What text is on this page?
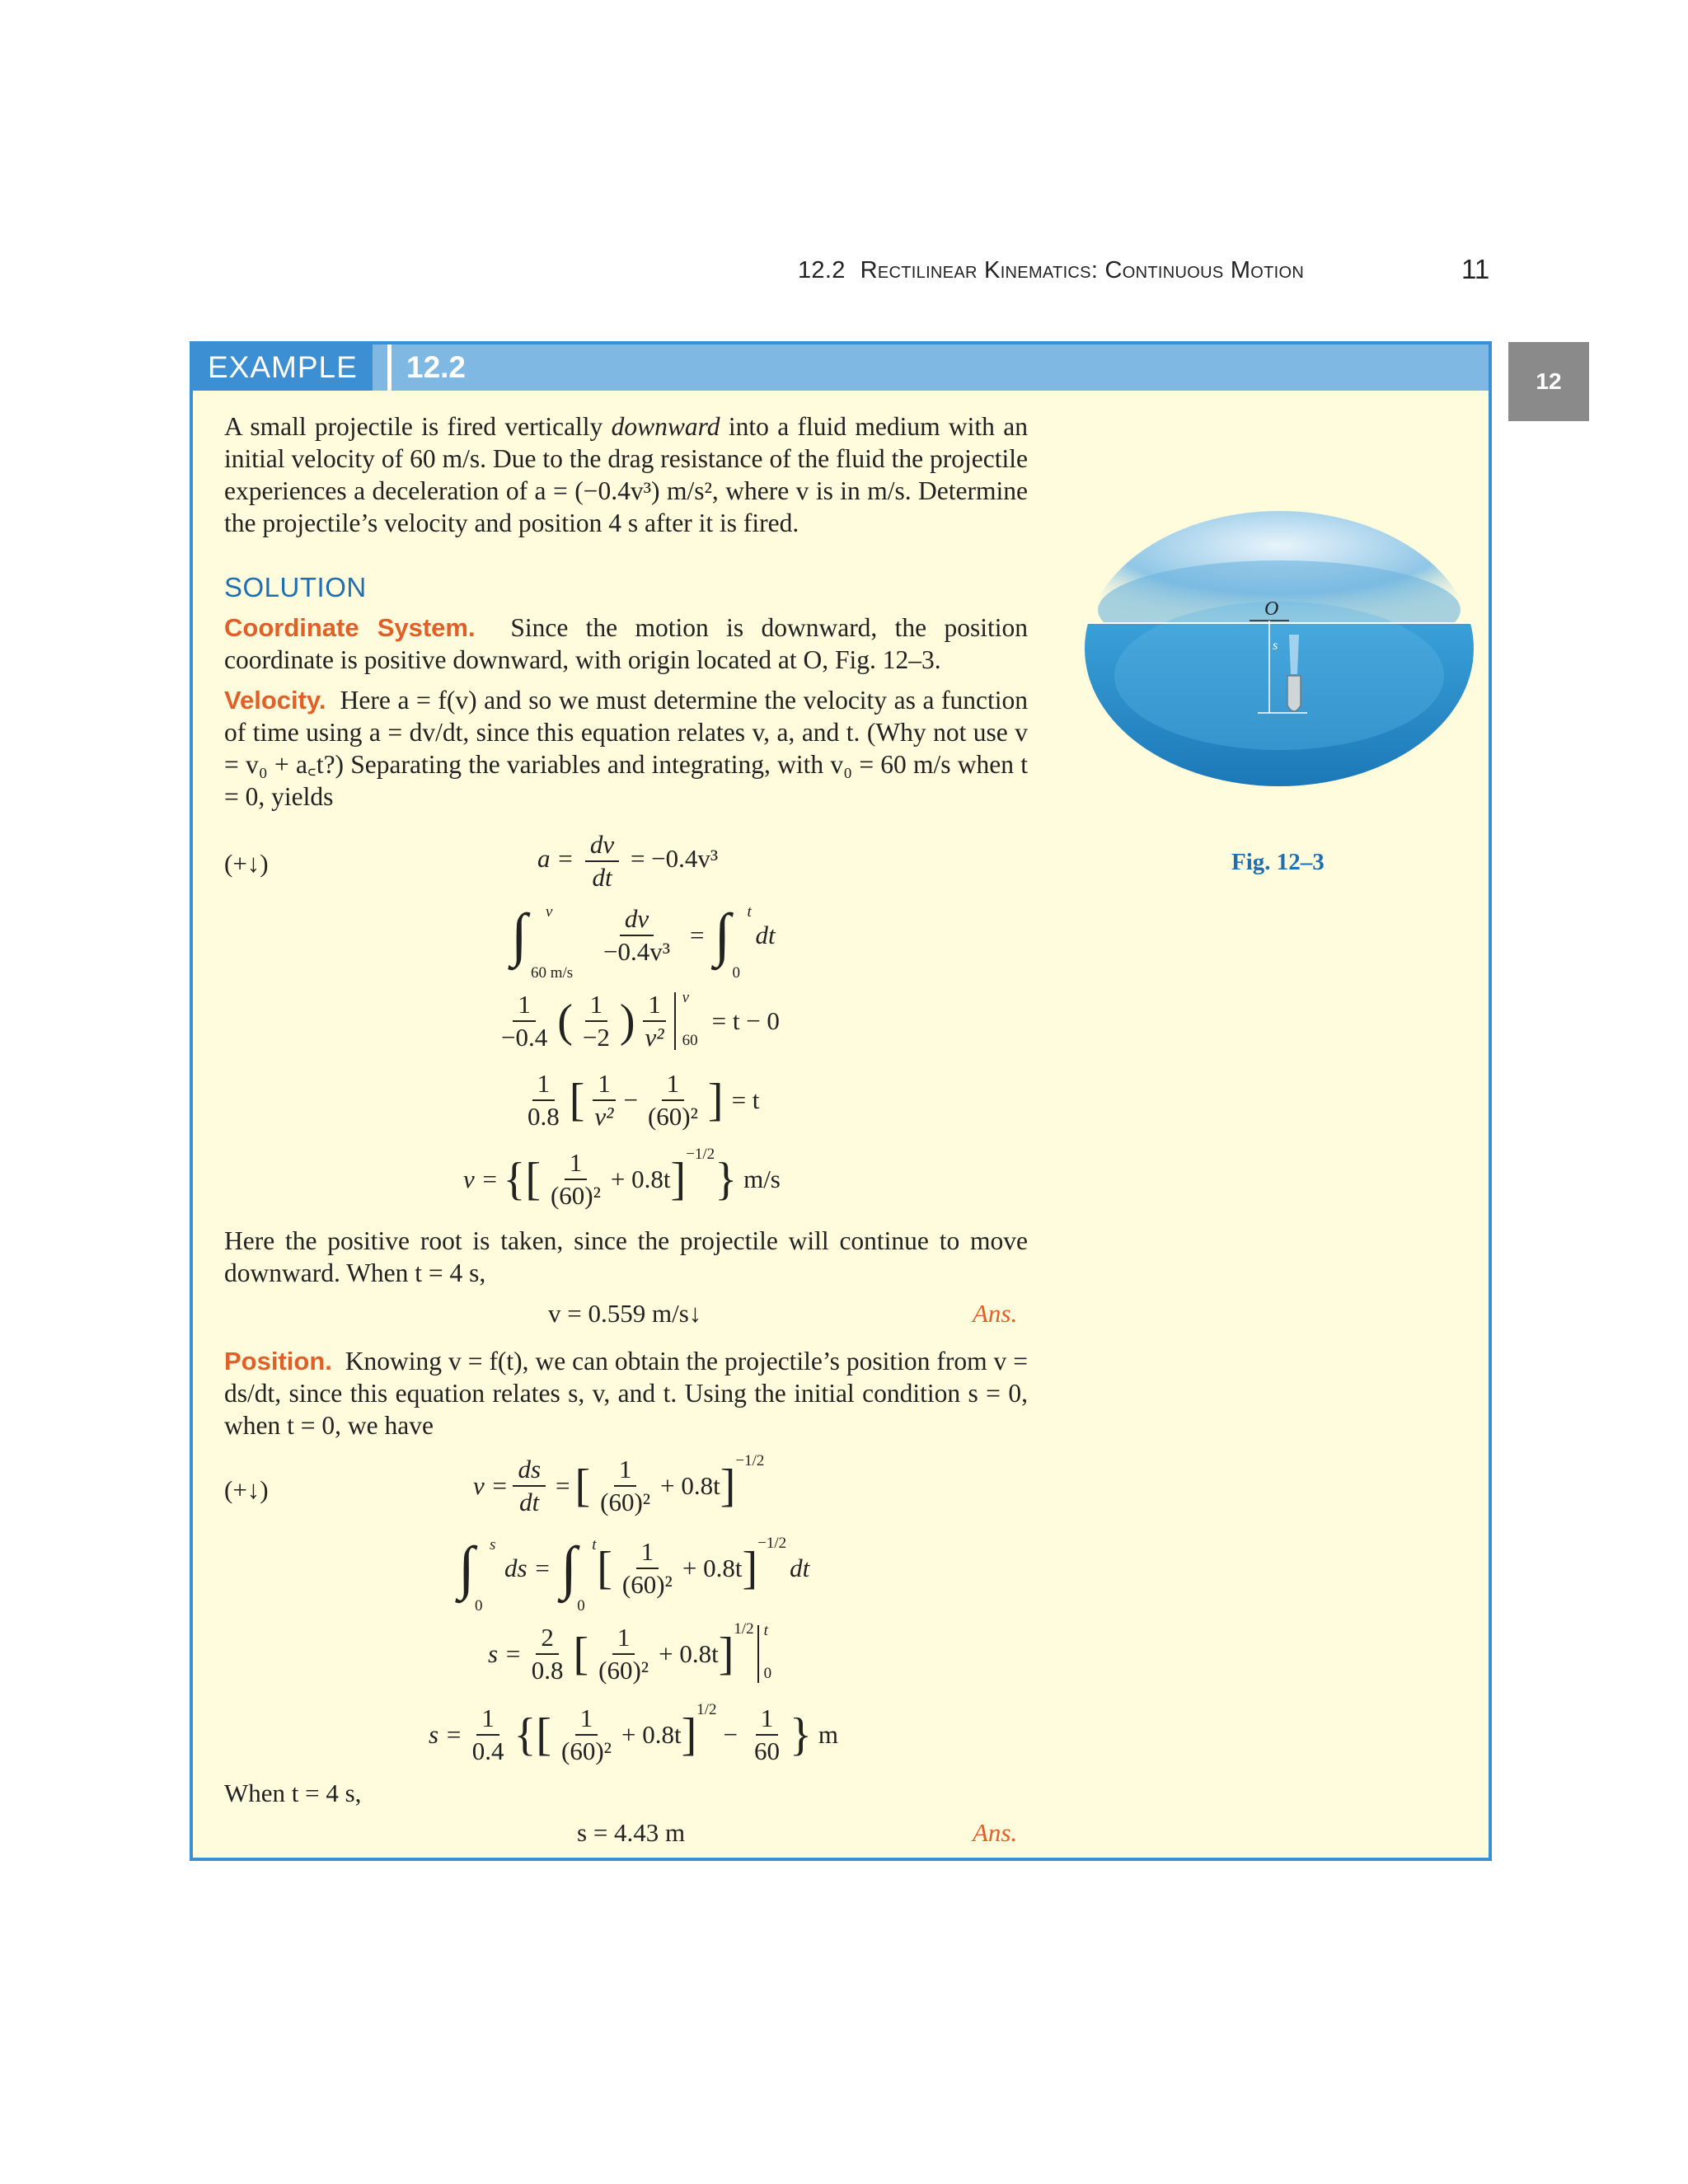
12.2 Rectilinear Kinematics: Continuous Motion	11
12
EXAMPLE	12.2
A small projectile is fired vertically downward into a fluid medium with an initial velocity of 60 m/s. Due to the drag resistance of the fluid the projectile experiences a deceleration of a = (−0.4v³) m/s², where v is in m/s. Determine the projectile’s velocity and position 4 s after it is fired.
SOLUTION
Coordinate System. Since the motion is downward, the position coordinate is positive downward, with origin located at O, Fig. 12–3.
Velocity. Here a = f(v) and so we must determine the velocity as a function of time using a = dv/dt, since this equation relates v, a, and t. (Why not use v = v₀ + a꜀t?) Separating the variables and integrating, with v₀ = 60 m/s when t = 0, yields
(+↓)	$a = \frac{dv}{dt} = -0.4v^3$
∫ v
60 m/s
$\frac{dv}{\text{−0.4v³}}$ = ∫ t
0
dt
$\frac{1}{-0.4}$ ( $\frac{1}{-2}$ ) $\frac{1}{\text{v²}}$ v
60
= t − 0
$\frac{1}{0.8}$ [ $\frac{1}{\text{v²}} - \frac{1}{\text{(60)²}}$ ] = t
v = {[ $\frac{1}{\text{(60)²}} + 0.8t$ ] −1/2 } m/s
Here the positive root is taken, since the projectile will continue to move downward. When t = 4 s,
v = 0.559 m/s↓	Ans.
Position. Knowing v = f(t), we can obtain the projectile’s position from v = ds/dt, since this equation relates s, v, and t. Using the initial condition s = 0, when t = 0, we have
(+↓)	$v = \frac{ds}{dt}$ = [ $\frac{1}{\text{(60)²}} + 0.8t$ ] −1/2
∫ s
0
ds = ∫ t
0
[ $\frac{1}{\text{(60)²}} + 0.8t$ ] −1/2
dt
$s = \frac{2}{0.8}$ [ $\frac{1}{\text{(60)²}} + 0.8t$ ] 1/2 t
0
$s = \frac{1}{0.4}$ {[ $\frac{1}{\text{(60)²}} + 0.8t$ ] 1/2
− $\frac{1}{60}$ } m
When t = 4 s,
s = 4.43 m	Ans.
O
s
Fig. 12–3
